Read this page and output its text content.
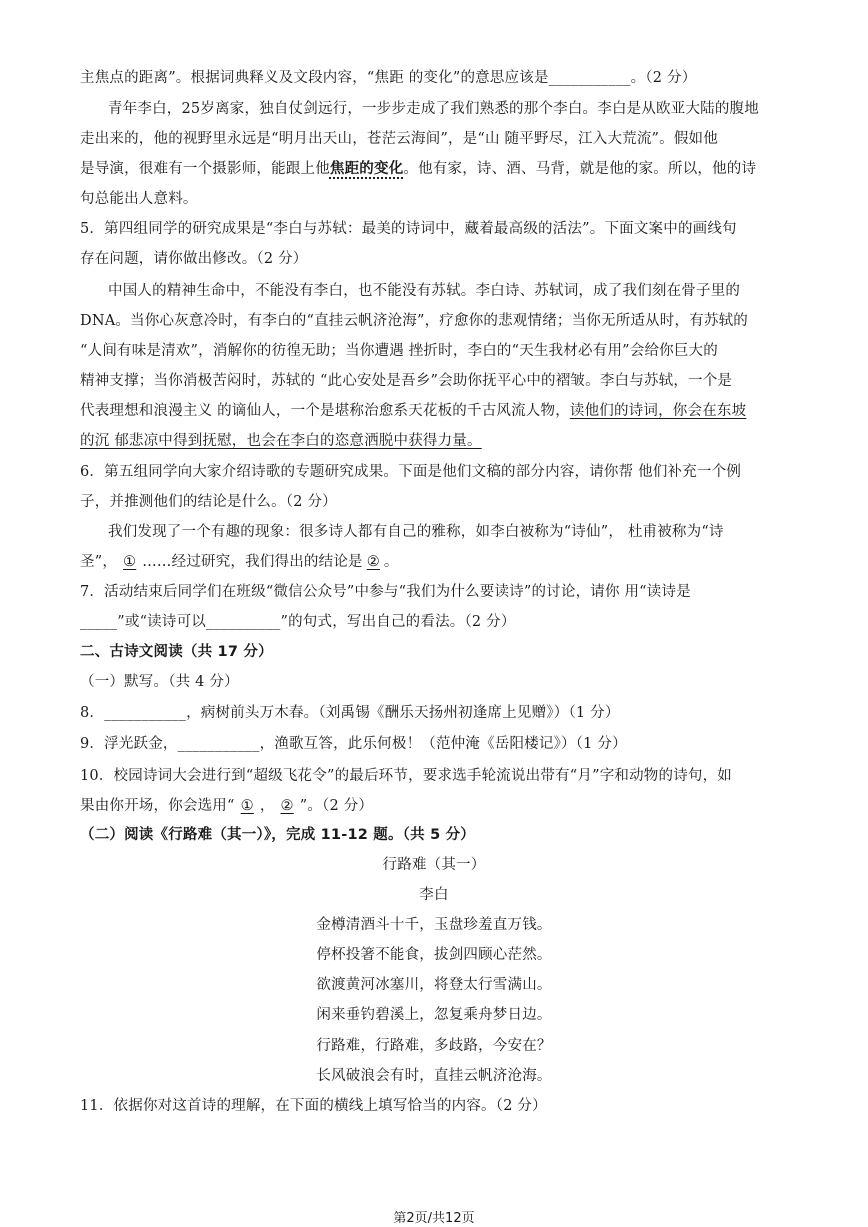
主焦点的距离”。根据词典释义及文段内容，“焦距 的变化”的意思应该是___________。（2 分）
青年李白，25岁离家，独自仗剑远行，一步步走成了我们熟悉的那个李白。李白是从欧亚大陆的腹地
走出来的，他的视野里永远是“明月出天山，苍茫云海间”，是“山 随平野尽，江入大荒流”。假如他
是导演，很难有一个摄影师，能跟上他焦距的变化。他有家，诗、酒、马背，就是他的家。所以，他的诗
句总能出人意料。
5．第四组同学的研究成果是“李白与苏轼：最美的诗词中，藏着最高级的活法”。下面文案中的画线句
存在问题，请你做出修改。（2 分）
中国人的精神生命中，不能没有李白，也不能没有苏轼。李白诗、苏轼词，成了我们刻在骨子里的
DNA。当你心灰意冷时，有李白的“直挂云帆济沧海”，疗愈你的悲观情绪；当你无所适从时，有苏轼的
“人间有味是清欢”，消解你的彷徨无助；当你遭遇 挫折时，李白的“天生我材必有用”会给你巨大的
精神支撑；当你消极苦闷时，苏轼的 “此心安处是吾乡”会助你抚平心中的褶皱。李白与苏轼，一个是
代表理想和浪漫主义 的谪仙人，一个是堪称治愈系天花板的千古风流人物，读他们的诗词，你会在东坡
的沉 郁悲凉中得到抚慰，也会在李白的恣意洒脱中获得力量。
6．第五组同学向大家介绍诗歌的专题研究成果。下面是他们文稿的部分内容，请你帮 他们补充一个例
子，并推测他们的结论是什么。（2 分）
我们发现了一个有趣的现象：很多诗人都有自己的雅称，如李白被称为“诗仙”， 杜甫被称为“诗
圣”， ① ……经过研究，我们得出的结论是 ② 。
7．活动结束后同学们在班级“微信公众号”中参与“我们为什么要读诗”的讨论，请你 用“读诗是
_____”或“读诗可以__________”的句式，写出自己的看法。（2 分）
二、古诗文阅读（共 17 分）
（一）默写。（共 4 分）
8．___________，病树前头万木春。（刘禹锡《酬乐天扬州初逢席上见赠》）（1 分）
9．浮光跃金，___________，渔歌互答，此乐何极！（范仲淹《岳阳楼记》）（1 分）
10．校园诗词大会进行到“超级飞花令”的最后环节，要求选手轮流说出带有“月”字和动物的诗句，如
果由你开场，你会选用“ ① ， ② ”。（2 分）
（二）阅读《行路难（其一）》，完成 11-12 题。（共 5 分）
行路难（其一）
李白
金樽清酒斗十千，玉盘珍羞直万钱。
停杯投箸不能食，拔剑四顾心茫然。
欲渡黄河冰塞川，将登太行雪满山。
闲来垂钓碧溪上，忽复乘舟梦日边。
行路难，行路难，多歧路，今安在？
长风破浪会有时，直挂云帆济沧海。
11．依据你对这首诗的理解，在下面的横线上填写恰当的内容。（2 分）
第2页/共12页
